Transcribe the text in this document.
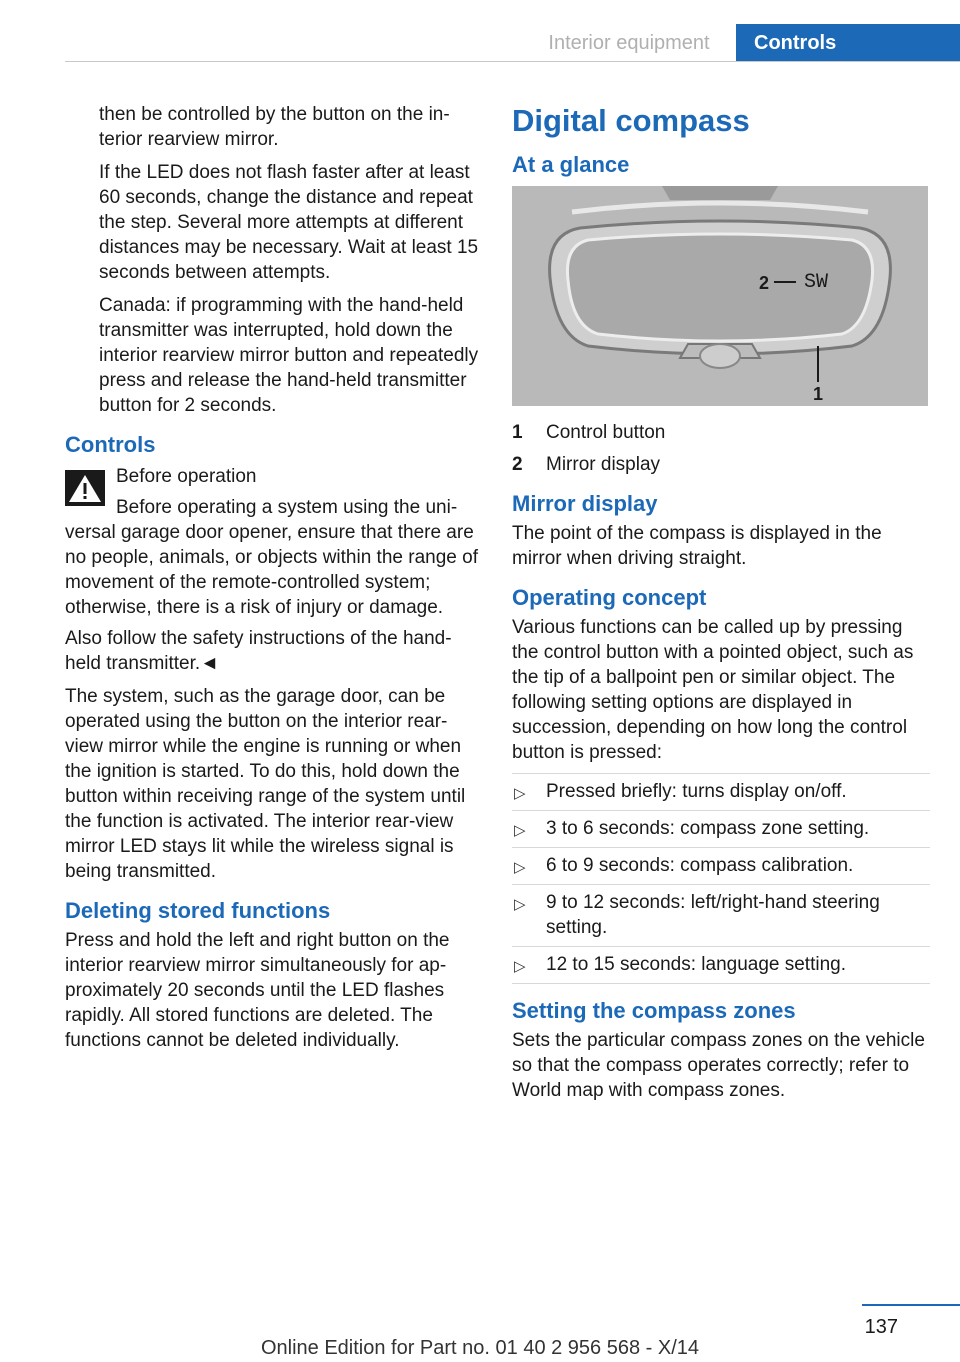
Interior equipment	Controls

then be controlled by the button on the interior rearview mirror.

If the LED does not flash faster after at least 60 seconds, change the distance and repeat the step. Several more attempts at different distances may be necessary. Wait at least 15 seconds between attempts.

Canada: if programming with the hand‐held transmitter was interrupted, hold down the interior rearview mirror button and repeatedly press and release the hand‐held transmitter button for 2 seconds.

Controls

Before operation

Before operating a system using the universal garage door opener, ensure that there are no people, animals, or objects within the range of movement of the remote-controlled system; otherwise, there is a risk of injury or damage.

Also follow the safety instructions of the hand‐held transmitter.◄

The system, such as the garage door, can be operated using the button on the interior rear‐view mirror while the engine is running or when the ignition is started. To do this, hold down the button within receiving range of the system until the function is activated. The interior rear‐view mirror LED stays lit while the wireless signal is being transmitted.

Deleting stored functions

Press and hold the left and right button on the interior rearview mirror simultaneously for approximately 20 seconds until the LED flashes rapidly. All stored functions are deleted. The functions cannot be deleted individually.

Digital compass
At a glance
1
2 SW
1	Control button
2	Mirror display
Mirror display

The point of the compass is displayed in the mirror when driving straight.

Operating concept

Various functions can be called up by pressing the control button with a pointed object, such as the tip of a ballpoint pen or similar object. The following setting options are displayed in succession, depending on how long the control button is pressed:

▷ Pressed briefly: turns display on/off.
▷ 3 to 6 seconds: compass zone setting.
▷ 6 to 9 seconds: compass calibration.
▷ 9 to 12 seconds: left/right-hand steering setting.
▷ 12 to 15 seconds: language setting.
Setting the compass zones

Sets the particular compass zones on the vehicle so that the compass operates correctly; refer to World map with compass zones.

137
Online Edition for Part no. 01 40 2 956 568 - X/14
